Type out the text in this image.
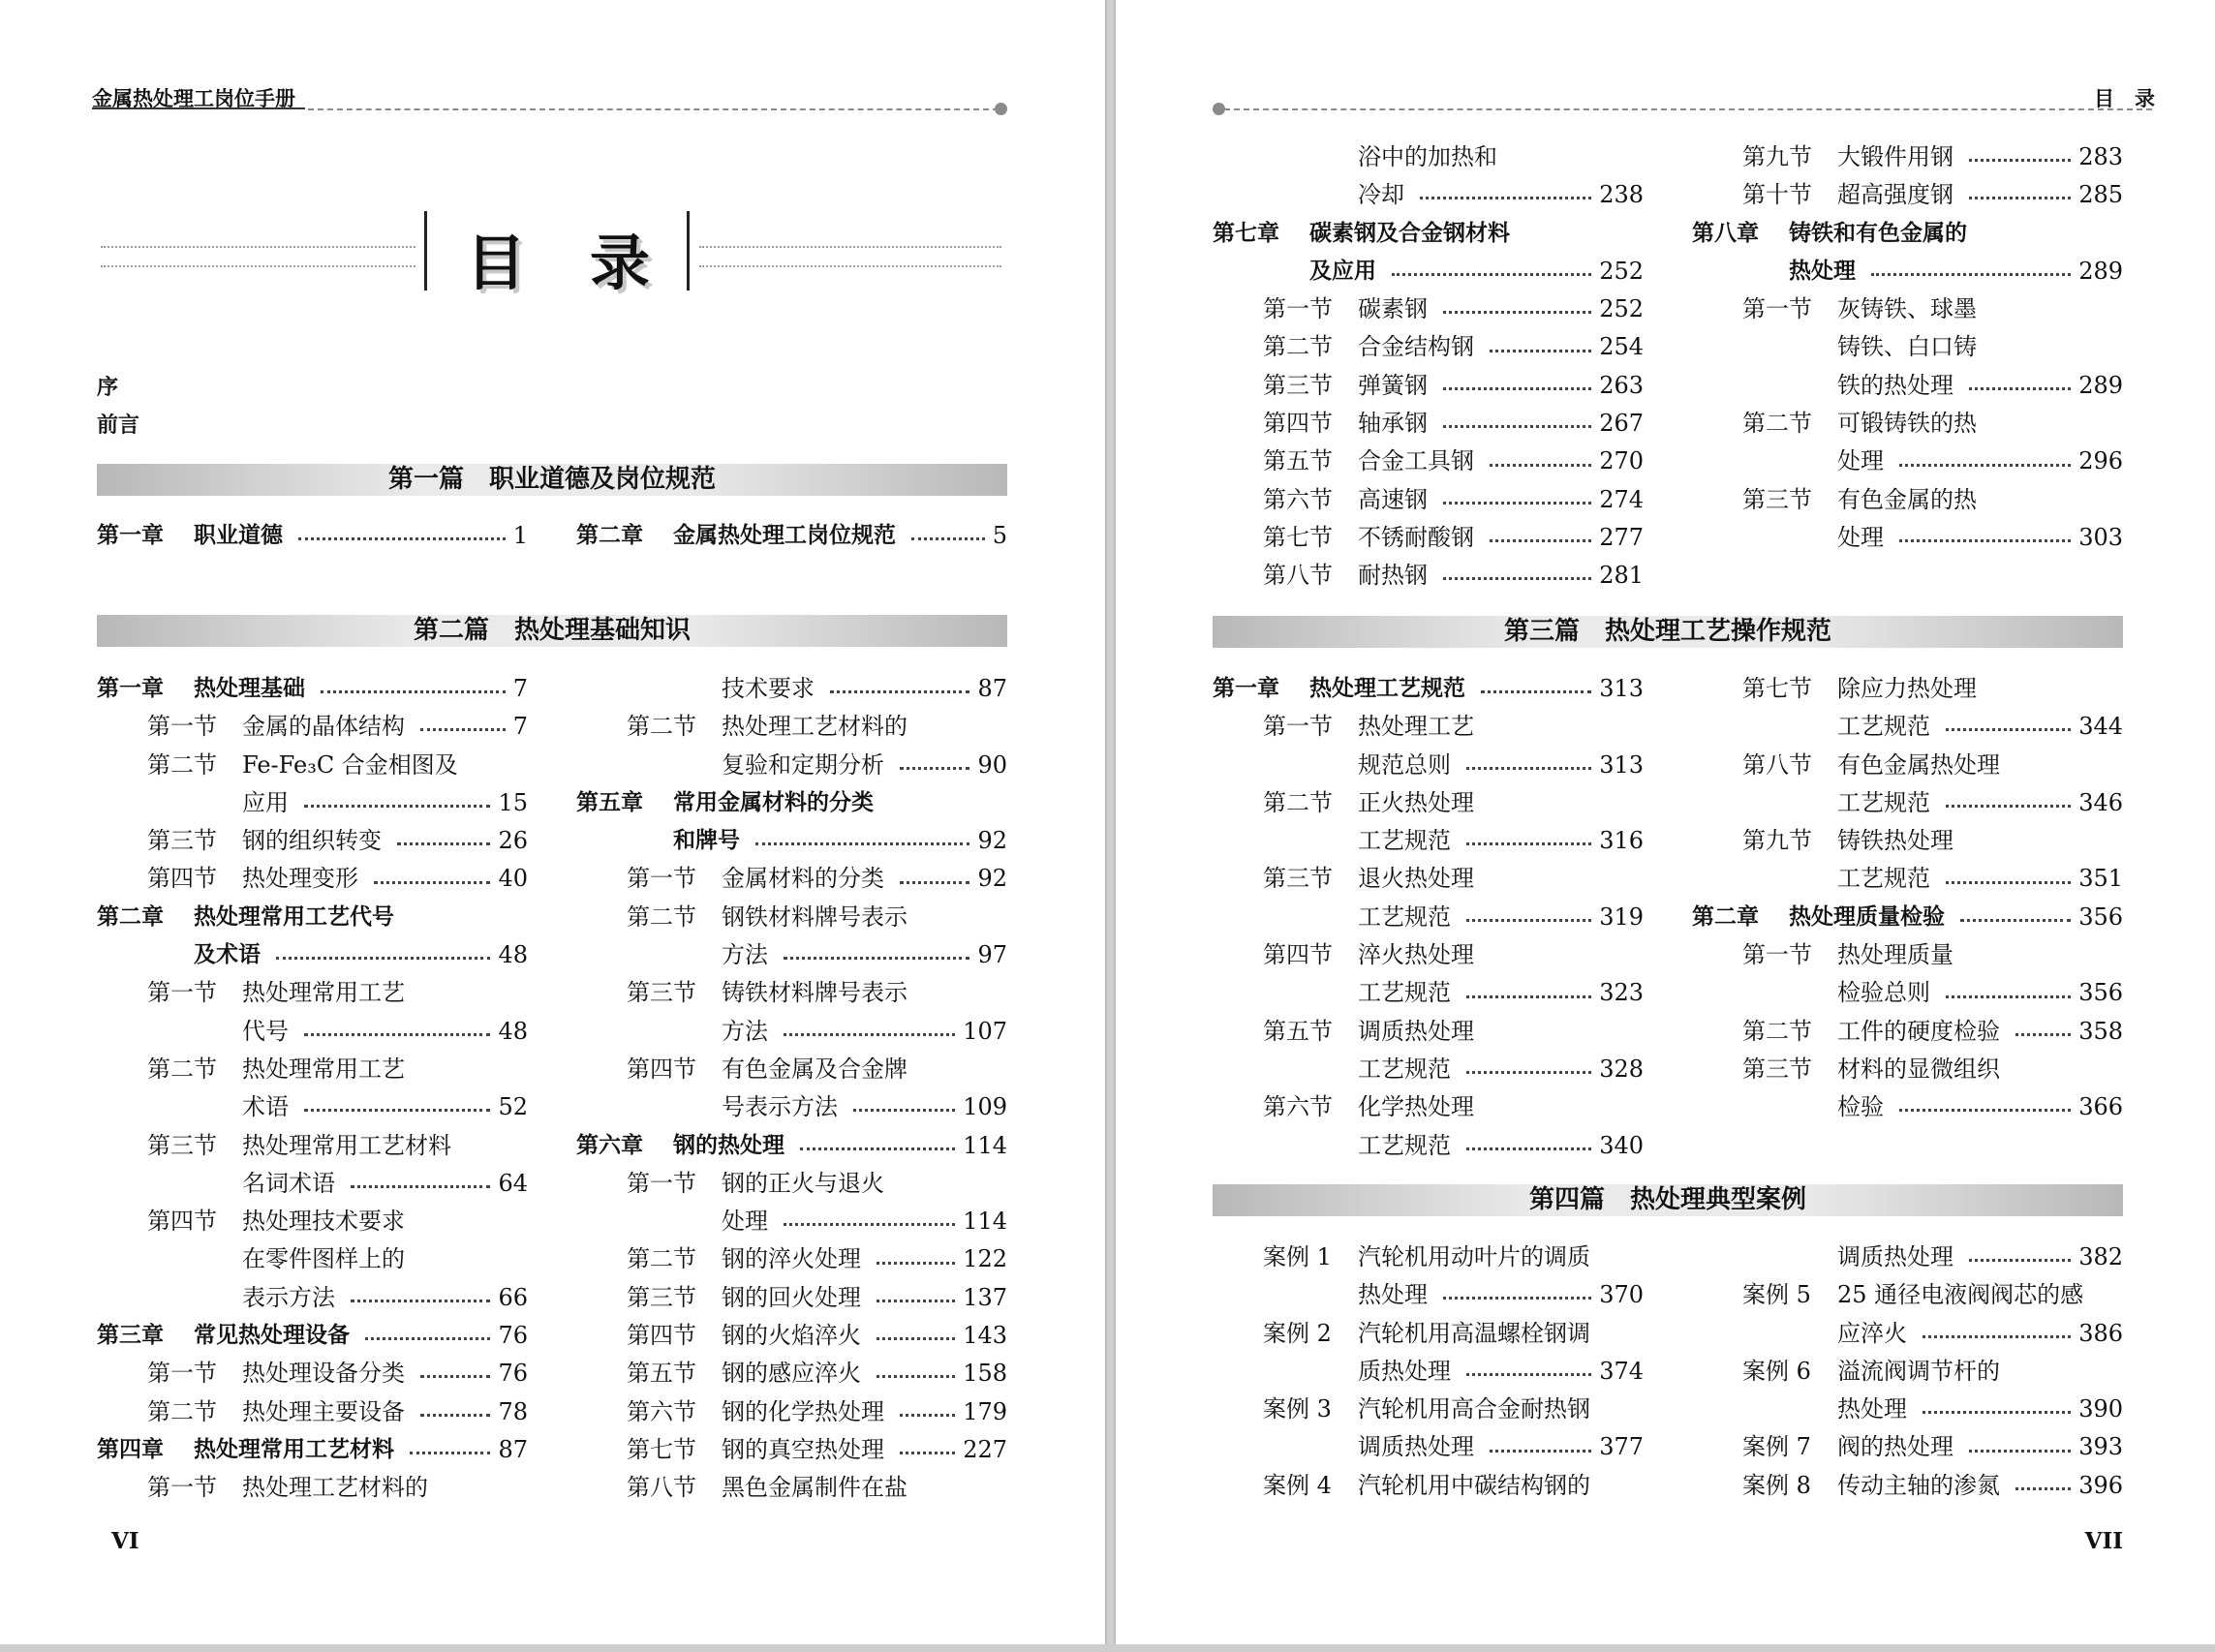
金属热处理工岗位手册
目 录
序
前言
第一篇　职业道德及岗位规范
第一章 职业道德	1 第二章 金属热处理工岗位规范	5
第二篇　热处理基础知识
第一章 热处理基础	7
第一节 金属的晶体结构	7
第二节 Fe-Fe₃C 合金相图及
应用	15
第三节 钢的组织转变	26
第四节 热处理变形	40
第二章 热处理常用工艺代号
及术语	48
第一节 热处理常用工艺
代号	48
第二节 热处理常用工艺
术语	52
第三节 热处理常用工艺材料
名词术语	64
第四节 热处理技术要求
在零件图样上的
表示方法	66
第三章 常见热处理设备	76
第一节 热处理设备分类	76
第二节 热处理主要设备	78
第四章 热处理常用工艺材料	87
第一节 热处理工艺材料的
技术要求	87
第二节 热处理工艺材料的
复验和定期分析	90
第五章 常用金属材料的分类
和牌号	92
第一节 金属材料的分类	92
第二节 钢铁材料牌号表示
方法	97
第三节 铸铁材料牌号表示
方法	107
第四节 有色金属及合金牌
号表示方法	109
第六章 钢的热处理	114
第一节 钢的正火与退火
处理	114
第二节 钢的淬火处理	122
第三节 钢的回火处理	137
第四节 钢的火焰淬火	143
第五节 钢的感应淬火	158
第六节 钢的化学热处理	179
第七节 钢的真空热处理	227
第八节 黑色金属制件在盐
VI
目　录
浴中的加热和
冷却	238
第七章 碳素钢及合金钢材料
及应用	252
第一节 碳素钢	252
第二节 合金结构钢	254
第三节 弹簧钢	263
第四节 轴承钢	267
第五节 合金工具钢	270
第六节 高速钢	274
第七节 不锈耐酸钢	277
第八节 耐热钢	281
第九节 大锻件用钢	283
第十节 超高强度钢	285
第八章 铸铁和有色金属的
热处理	289
第一节 灰铸铁、球墨
铸铁、白口铸
铁的热处理	289
第二节 可锻铸铁的热
处理	296
第三节 有色金属的热
处理	303
第三篇　热处理工艺操作规范
第一章 热处理工艺规范	313
第一节 热处理工艺
规范总则	313
第二节 正火热处理
工艺规范	316
第三节 退火热处理
工艺规范	319
第四节 淬火热处理
工艺规范	323
第五节 调质热处理
工艺规范	328
第六节 化学热处理
工艺规范	340
第七节 除应力热处理
工艺规范	344
第八节 有色金属热处理
工艺规范	346
第九节 铸铁热处理
工艺规范	351
第二章 热处理质量检验	356
第一节 热处理质量
检验总则	356
第二节 工件的硬度检验	358
第三节 材料的显微组织
检验	366
第四篇　热处理典型案例
案例 1 汽轮机用动叶片的调质
热处理	370
案例 2 汽轮机用高温螺栓钢调
质热处理	374
案例 3 汽轮机用高合金耐热钢
调质热处理	377
案例 4 汽轮机用中碳结构钢的
调质热处理	382
案例 5 25 通径电液阀阀芯的感
应淬火	386
案例 6 溢流阀调节杆的
热处理	390
案例 7 阀的热处理	393
案例 8 传动主轴的渗氮	396
VII
